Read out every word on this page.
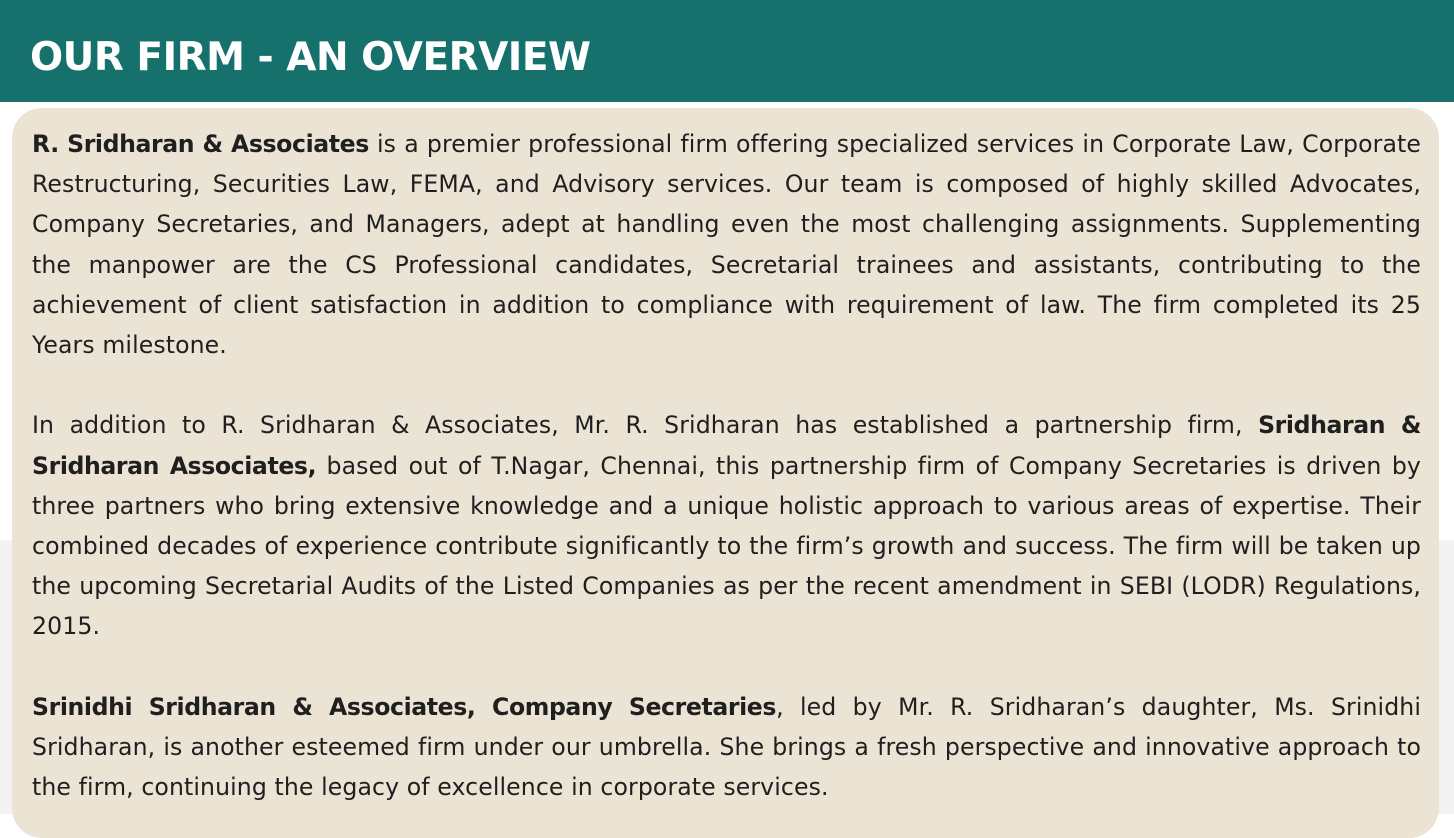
OUR FIRM - AN OVERVIEW

R. Sridharan & Associates is a premier professional firm offering specialized services in Corporate Law, Corporate Restructuring, Securities Law, FEMA, and Advisory services. Our team is composed of highly skilled Advocates, Company Secretaries, and Managers, adept at handling even the most challenging assignments. Supplementing the manpower are the CS Professional candidates, Secretarial trainees and assistants, contributing to the achievement of client satisfaction in addition to compliance with requirement of law. The firm completed its 25 Years milestone.

In addition to R. Sridharan & Associates, Mr. R. Sridharan has established a partnership firm, Sridharan & Sridharan Associates, based out of T.Nagar, Chennai, this partnership firm of Company Secretaries is driven by three partners who bring extensive knowledge and a unique holistic approach to various areas of expertise. Their combined decades of experience contribute significantly to the firm’s growth and success. The firm will be taken up the upcoming Secretarial Audits of the Listed Companies as per the recent amendment in SEBI (LODR) Regulations, 2015.

Srinidhi Sridharan & Associates, Company Secretaries, led by Mr. R. Sridharan’s daughter, Ms. Srinidhi Sridharan, is another esteemed firm under our umbrella. She brings a fresh perspective and innovative approach to the firm, continuing the legacy of excellence in corporate services.
